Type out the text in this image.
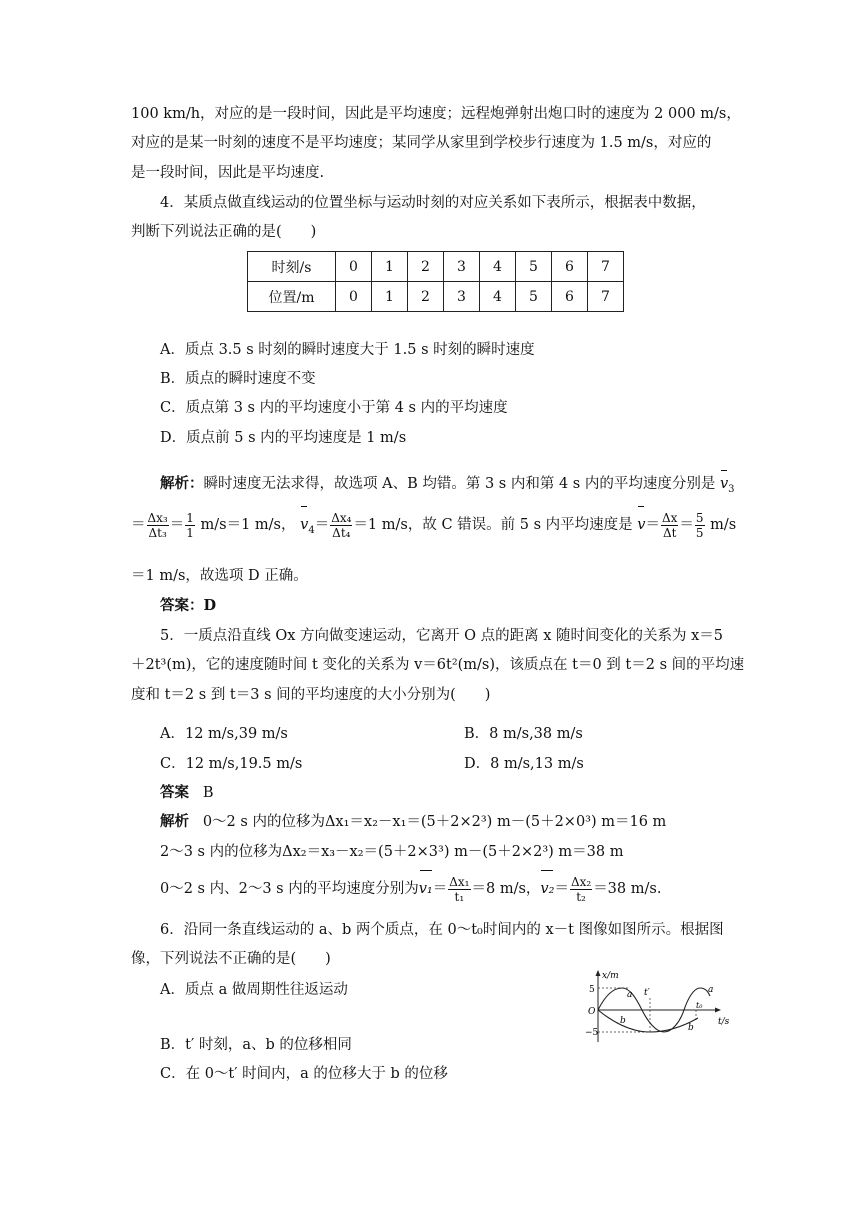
100 km/h，对应的是一段时间，因此是平均速度；远程炮弹射出炮口时的速度为 2 000 m/s，
对应的是某一时刻的速度不是平均速度；某同学从家里到学校步行速度为 1.5 m/s，对应的
是一段时间，因此是平均速度.
4．某质点做直线运动的位置坐标与运动时刻的对应关系如下表所示，根据表中数据，
判断下列说法正确的是(　　)
时刻/s	0	1	2	3	4	5	6	7
位置/m	0	1	2	3	4	5	6	7
A．质点 3.5 s 时刻的瞬时速度大于 1.5 s 时刻的瞬时速度
B．质点的瞬时速度不变
C．质点第 3 s 内的平均速度小于第 4 s 内的平均速度
D．质点前 5 s 内的平均速度是 1 m/s
解析：瞬时速度无法求得，故选项 A、B 均错。第 3 s 内和第 4 s 内的平均速度分别是 $v_3$
＝ $\frac{\text{Δx₃}}{\text{Δt₃}} = \frac{1}{1} m/s=1$ m/s， $v_4= \frac{\text{Δx₄}}{\text{Δt₄}} =1$ m/s，故 C 错误。前 5 s 内平均速度是 $v= \frac{\Delta x}{\Delta t} = \frac{5}{5} m/s$
＝1 m/s，故选项 D 正确。
答案：D
5．一质点沿直线 Ox 方向做变速运动，它离开 O 点的距离 x 随时间变化的关系为 x＝5
＋2t³(m)，它的速度随时间 t 变化的关系为 v＝6t²(m/s)，该质点在 t＝0 到 t＝2 s 间的平均速
度和 t＝2 s 到 t＝3 s 间的平均速度的大小分别为(　　)
A．12 m/s,39 m/s	B．8 m/s,38 m/s
C．12 m/s,19.5 m/s	D．8 m/s,13 m/s
答案 B
解析 0～2 s 内的位移为Δx₁＝x₂－x₁＝(5＋2×2³) m－(5＋2×0³) m＝16 m
2～3 s 内的位移为Δx₂＝x₃－x₂＝(5＋2×3³) m－(5＋2×2³) m＝38 m
0～2 s 内、2～3 s 内的平均速度分别为$v_1= \frac{\text{Δx₁}}{\text{t₁}} =8$ m/s，$v_2= \frac{\text{Δx₂}}{\text{t₂}} =38$ m/s.
6．沿同一条直线运动的 a、b 两个质点，在 0～t₀时间内的 x－t 图像如图所示。根据图
像，下列说法不正确的是(　　)
A．质点 a 做周期性往返运动
B．t′ 时刻，a、b 的位移相同
C．在 0～t′ 时间内，a 的位移大于 b 的位移
x/m
t/s
O
5
−5
t′
t₀
a	a
b
b
